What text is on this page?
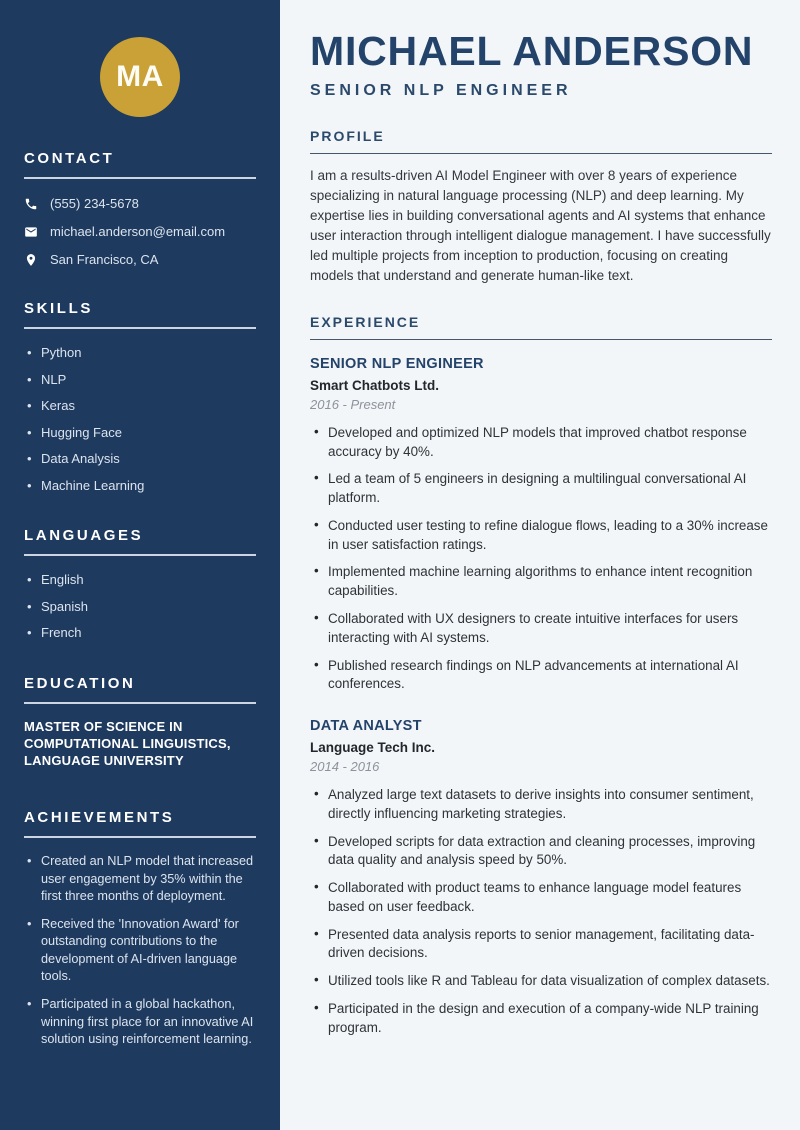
MA
CONTACT
(555) 234-5678
michael.anderson@email.com
San Francisco, CA
SKILLS
• Python
• NLP
• Keras
• Hugging Face
• Data Analysis
• Machine Learning
LANGUAGES
• English
• Spanish
• French
EDUCATION

MASTER OF SCIENCE IN COMPUTATIONAL LINGUISTICS, LANGUAGE UNIVERSITY

ACHIEVEMENTS
• Created an NLP model that increased user engagement by 35% within the first three months of deployment.
• Received the 'Innovation Award' for outstanding contributions to the development of AI-driven language tools.
• Participated in a global hackathon, winning first place for an innovative AI solution using reinforcement learning.
MICHAEL ANDERSON
SENIOR NLP ENGINEER
PROFILE

I am a results-driven AI Model Engineer with over 8 years of experience specializing in natural language processing (NLP) and deep learning. My expertise lies in building conversational agents and AI systems that enhance user interaction through intelligent dialogue management. I have successfully led multiple projects from inception to production, focusing on creating models that understand and generate human-like text.

EXPERIENCE
SENIOR NLP ENGINEER
Smart Chatbots Ltd.
2016 - Present
• Developed and optimized NLP models that improved chatbot response accuracy by 40%.
• Led a team of 5 engineers in designing a multilingual conversational AI platform.
• Conducted user testing to refine dialogue flows, leading to a 30% increase in user satisfaction ratings.
• Implemented machine learning algorithms to enhance intent recognition capabilities.
• Collaborated with UX designers to create intuitive interfaces for users interacting with AI systems.
• Published research findings on NLP advancements at international AI conferences.
DATA ANALYST
Language Tech Inc.
2014 - 2016
• Analyzed large text datasets to derive insights into consumer sentiment, directly influencing marketing strategies.
• Developed scripts for data extraction and cleaning processes, improving data quality and analysis speed by 50%.
• Collaborated with product teams to enhance language model features based on user feedback.
• Presented data analysis reports to senior management, facilitating data-driven decisions.
• Utilized tools like R and Tableau for data visualization of complex datasets.
• Participated in the design and execution of a company-wide NLP training program.
